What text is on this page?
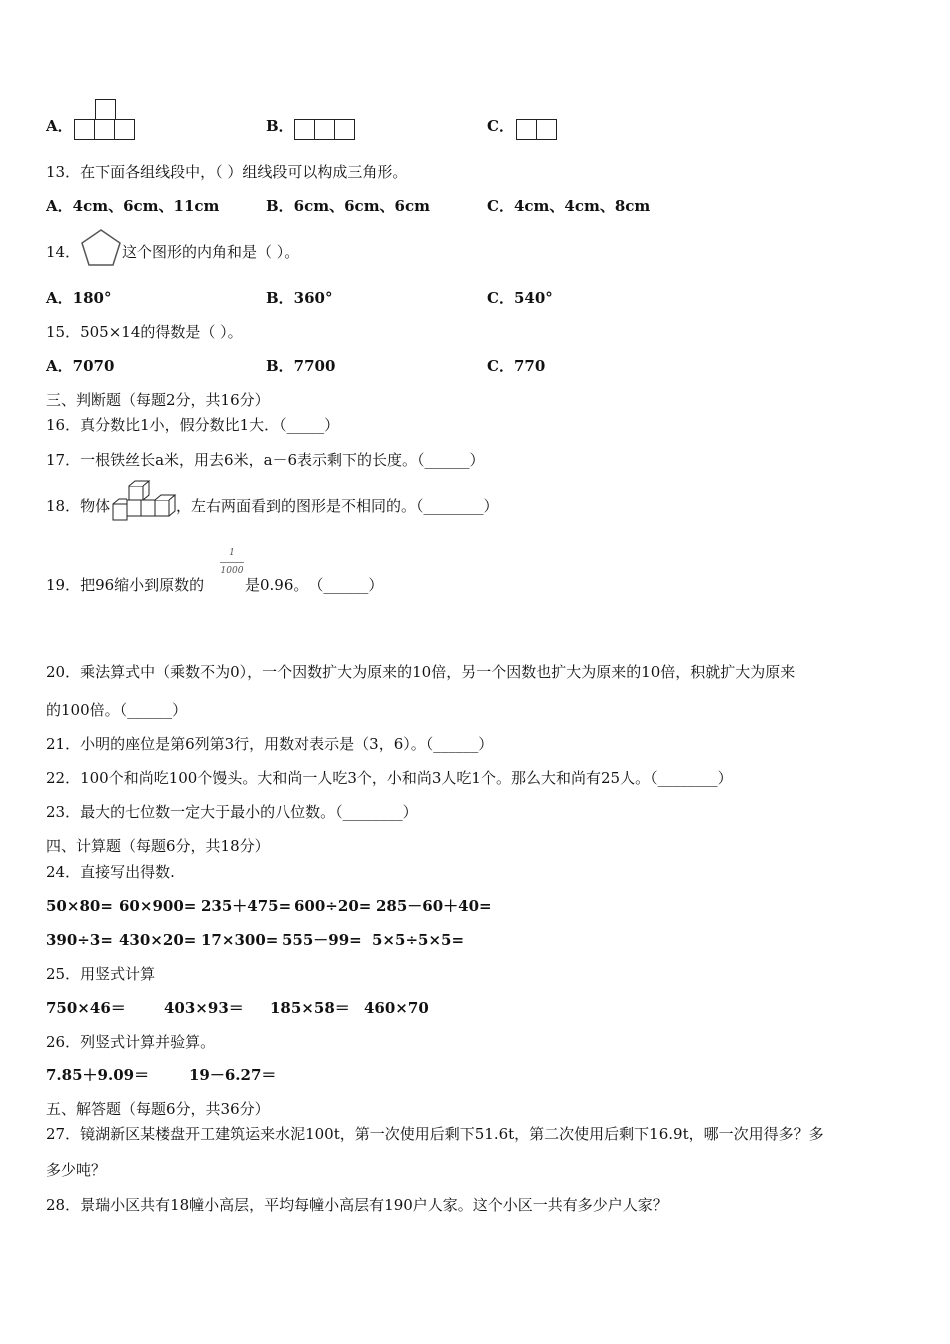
A．	B．	C．
13．在下面各组线段中，（ ）组线段可以构成三角形。
A．4cm、6cm、11cm	B．6cm、6cm、6cm	C．4cm、4cm、8cm
14．	这个图形的内角和是（ ）。
A．180°	B．360°	C．540°
15．505×14的得数是（ ）。
A．7070	B．7700	C．770
三、判断题（每题2分，共16分）
16．真分数比1小，假分数比1大．（_____）
17．一根铁丝长a米，用去6米，a－6表示剩下的长度。（______）
18．物体	，左右两面看到的图形是不相同的。（________）
19．把96缩小到原数的
1
1000
是0.96。　（______）
20．乘法算式中（乘数不为0），一个因数扩大为原来的10倍，另一个因数也扩大为原来的10倍，积就扩大为原来
的100倍。（______）
21．小明的座位是第6列第3行，用数对表示是（3，6）。（______）
22．100个和尚吃100个馒头。大和尚一人吃3个，小和尚3人吃1个。那么大和尚有25人。（________）
23．最大的七位数一定大于最小的八位数。（________）
四、计算题（每题6分，共18分）
24．直接写出得数.
50×80= 60×900= 235＋475= 600÷20= 285－60＋40=
390÷3= 430×20= 17×300= 555－99= 5×5÷5×5=
25．用竖式计算
750×46＝	403×93＝ 185×58＝ 460×70
26．列竖式计算并验算。
7.85＋9.09＝	19－6.27＝
五、解答题（每题6分，共36分）
27．镜湖新区某楼盘开工建筑运来水泥100t，第一次使用后剩下51.6t，第二次使用后剩下16.9t，哪一次用得多？多
多少吨？
28．景瑞小区共有18幢小高层，平均每幢小高层有190户人家。这个小区一共有多少户人家？
